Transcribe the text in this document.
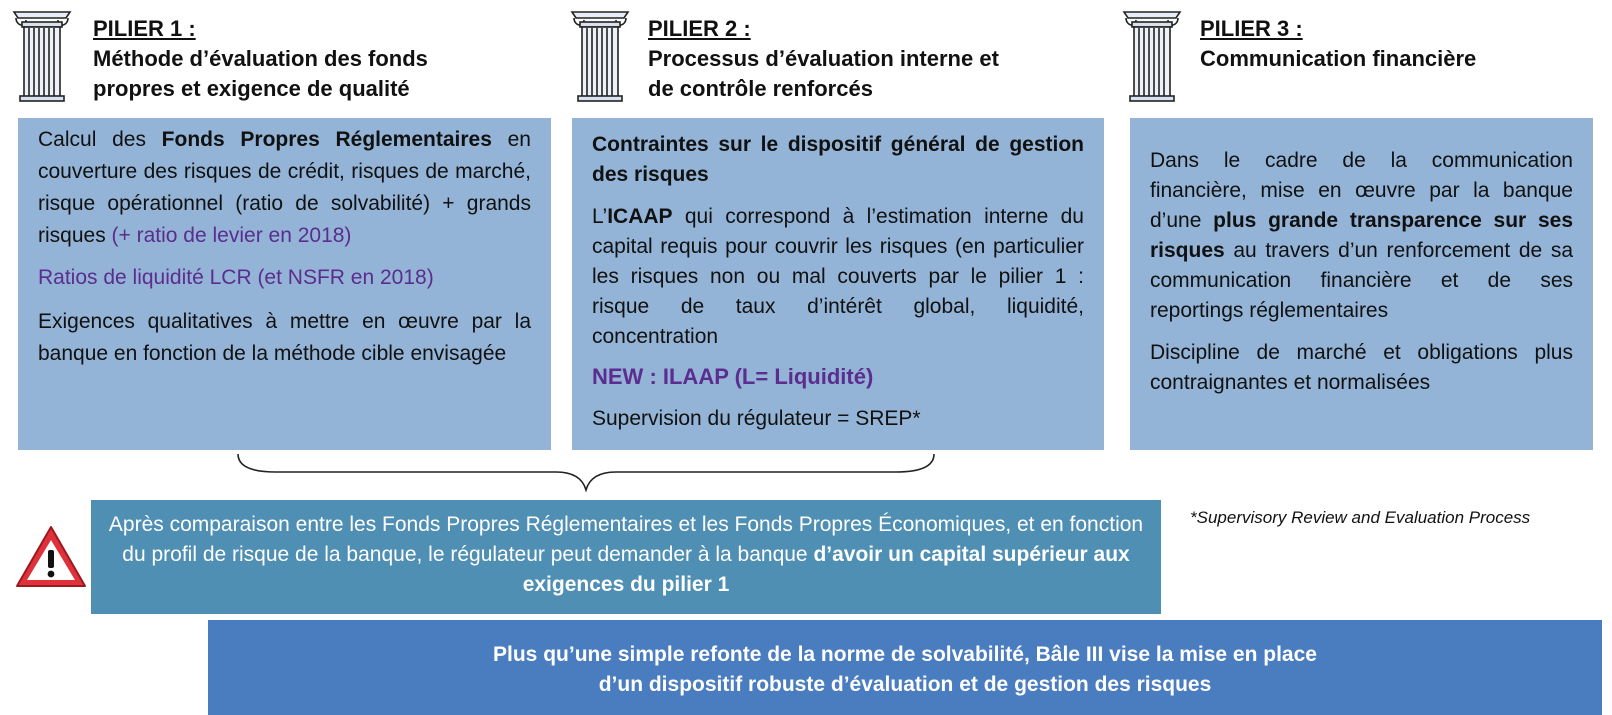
PILIER 1 :
Méthode d’évaluation des fonds
propres et exigence de qualité
PILIER 2 :
Processus d’évaluation interne et
de contrôle renforcés
PILIER 3 :
Communication financière

Calcul des Fonds Propres Réglementaires en couverture des risques de crédit, risques de marché, risque opérationnel (ratio de solvabilité) + grands risques (+ ratio de levier en 2018)

Ratios de liquidité LCR (et NSFR en 2018)

Exigences qualitatives à mettre en œuvre par la banque en fonction de la méthode cible envisagée

Contraintes sur le dispositif général de gestion des risques

L’ICAAP qui correspond à l’estimation interne du capital requis pour couvrir les risques (en particulier les risques non ou mal couverts par le pilier 1 : risque de taux d’intérêt global, liquidité, concentration

NEW : ILAAP (L= Liquidité)

Supervision du régulateur = SREP*

Dans le cadre de la communication financière, mise en œuvre par la banque d’une plus grande transparence sur ses risques au travers d’un renforcement de sa communication financière et de ses reportings réglementaires

Discipline de marché et obligations plus contraignantes et normalisées

Après comparaison entre les Fonds Propres Réglementaires et les Fonds Propres Économiques, et en fonction du profil de risque de la banque, le régulateur peut demander à la banque d’avoir un capital supérieur aux exigences du pilier 1
*Supervisory Review and Evaluation Process
Plus qu’une simple refonte de la norme de solvabilité, Bâle III vise la mise en place
d’un dispositif robuste d’évaluation et de gestion des risques
